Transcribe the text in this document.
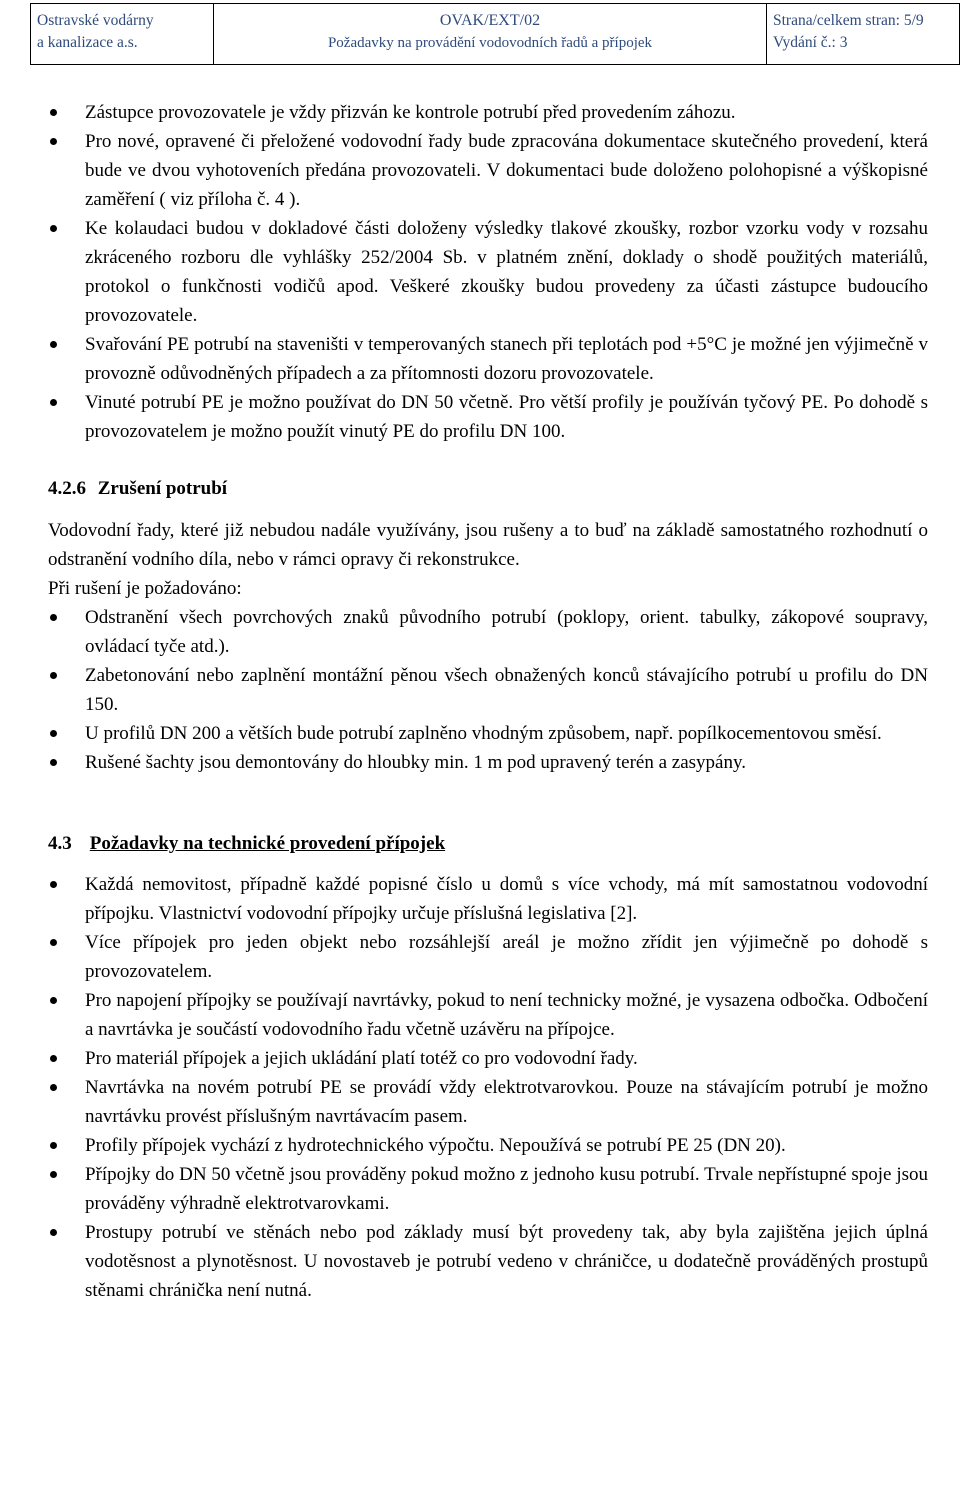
Ostravské vodárny
a kanalizace a.s.

OVAK/EXT/02
Požadavky na provádění vodovodních řadů a přípojek

Strana/celkem stran: 5/9
Vydání č.: 3
Zástupce provozovatele je vždy přizván ke kontrole potrubí před provedením záhozu.
Pro nové, opravené či přeložené vodovodní řady bude zpracována dokumentace skutečného provedení, která bude ve dvou vyhotoveních předána provozovateli. V dokumentaci bude doloženo polohopisné a výškopisné zaměření ( viz příloha č. 4 ).
Ke kolaudaci budou v dokladové části doloženy výsledky tlakové zkoušky, rozbor vzorku vody v rozsahu zkráceného rozboru dle vyhlášky 252/2004 Sb. v platném znění, doklady o shodě použitých materiálů, protokol o funkčnosti vodičů apod. Veškeré zkoušky budou provedeny za účasti zástupce budoucího provozovatele.
Svařování PE potrubí na staveništi v temperovaných stanech při teplotách pod +5°C je možné jen výjimečně v provozně odůvodněných případech a za přítomnosti dozoru provozovatele.
Vinuté potrubí PE je možno používat do DN 50 včetně. Pro větší profily je používán tyčový PE. Po dohodě s provozovatelem je možno použít vinutý PE do profilu DN 100.
4.2.6 Zrušení potrubí

Vodovodní řady, které již nebudou nadále využívány, jsou rušeny a to buď na základě samostatného rozhodnutí o odstranění vodního díla, nebo v rámci opravy či rekonstrukce.

Při rušení je požadováno:

Odstranění všech povrchových znaků původního potrubí (poklopy, orient. tabulky, zákopové soupravy, ovládací tyče atd.).
Zabetonování nebo zaplnění montážní pěnou všech obnažených konců stávajícího potrubí u profilu do DN 150.
U profilů DN 200 a větších bude potrubí zaplněno vhodným způsobem, např. popílkocementovou směsí.
Rušené šachty jsou demontovány do hloubky min. 1 m pod upravený terén a zasypány.
4.3 Požadavky na technické provedení přípojek
Každá nemovitost, případně každé popisné číslo u domů s více vchody, má mít samostatnou vodovodní přípojku. Vlastnictví vodovodní přípojky určuje příslušná legislativa [2].
Více přípojek pro jeden objekt nebo rozsáhlejší areál je možno zřídit jen výjimečně po dohodě s provozovatelem.
Pro napojení přípojky se používají navrtávky, pokud to není technicky možné, je vysazena odbočka. Odbočení a navrtávka je součástí vodovodního řadu včetně uzávěru na přípojce.
Pro materiál přípojek a jejich ukládání platí totéž co pro vodovodní řady.
Navrtávka na novém potrubí PE se provádí vždy elektrotvarovkou. Pouze na stávajícím potrubí je možno navrtávku provést příslušným navrtávacím pasem.
Profily přípojek vychází z hydrotechnického výpočtu. Nepoužívá se potrubí PE 25 (DN 20).
Přípojky do DN 50 včetně jsou prováděny pokud možno z jednoho kusu potrubí. Trvale nepřístupné spoje jsou prováděny výhradně elektrotvarovkami.
Prostupy potrubí ve stěnách nebo pod základy musí být provedeny tak, aby byla zajištěna jejich úplná vodotěsnost a plynotěsnost. U novostaveb je potrubí vedeno v chráničce, u dodatečně prováděných prostupů stěnami chránička není nutná.
